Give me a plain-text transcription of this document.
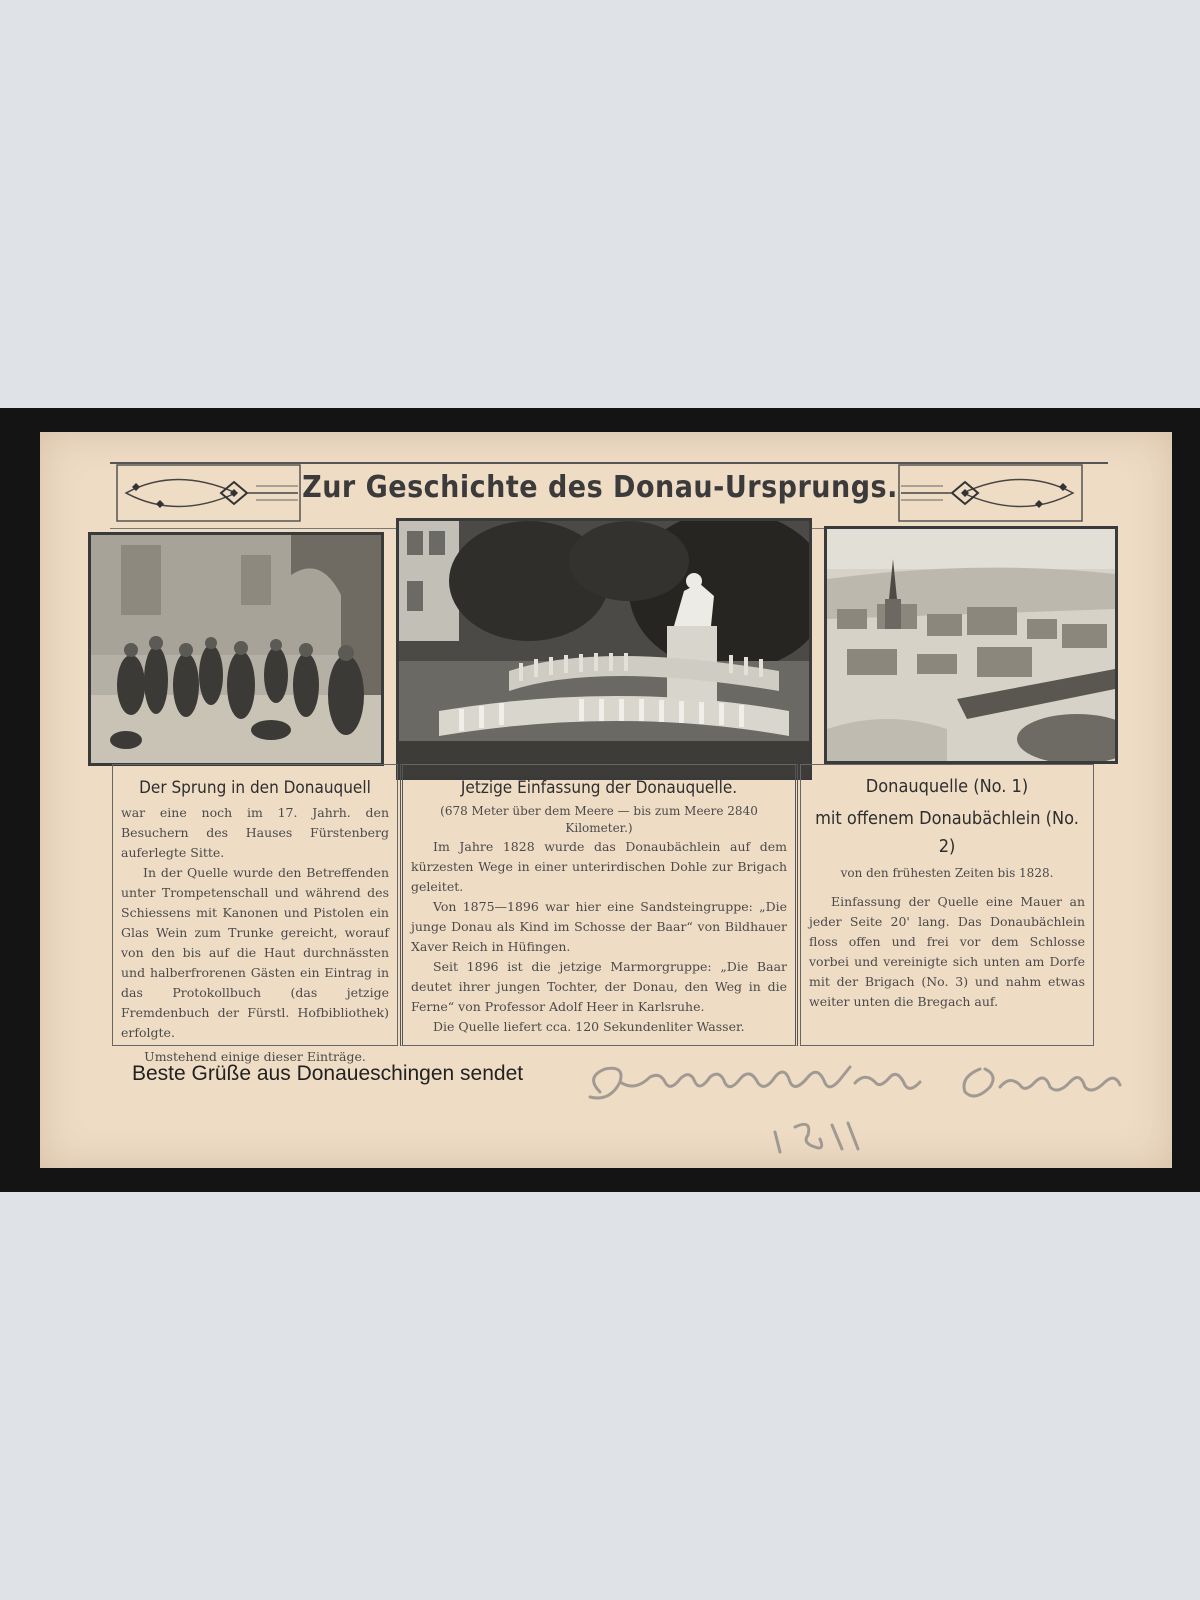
Zur Geschichte des Donau-Ursprungs.
Der Sprung in den Donauquell

war eine noch im 17. Jahrh. den Besuchern des Hauses Fürstenberg auferlegte Sitte.

In der Quelle wurde den Betreffenden unter Trompetenschall und während des Schiessens mit Kanonen und Pistolen ein Glas Wein zum Trunke gereicht, worauf von den bis auf die Haut durchnässten und halberfrorenen Gästen ein Eintrag in das Protokollbuch (das jetzige Fremdenbuch der Fürstl. Hofbibliothek) erfolgte.

Umstehend einige dieser Einträge.

Jetzige Einfassung der Donauquelle.
(678 Meter über dem Meere — bis zum Meere 2840 Kilometer.)

Im Jahre 1828 wurde das Donaubächlein auf dem kürzesten Wege in einer unterirdischen Dohle zur Brigach geleitet.

Von 1875—1896 war hier eine Sandsteingruppe: „Die junge Donau als Kind im Schosse der Baar“ von Bildhauer Xaver Reich in Hüfingen.

Seit 1896 ist die jetzige Marmorgruppe: „Die Baar deutet ihrer jungen Tochter, der Donau, den Weg in die Ferne“ von Professor Adolf Heer in Karlsruhe.

Die Quelle liefert cca. 120 Sekundenliter Wasser.

Donauquelle (No. 1)
mit offenem Donaubächlein (No. 2)
von den frühesten Zeiten bis 1828.

Einfassung der Quelle eine Mauer an jeder Seite 20' lang. Das Donaubächlein floss offen und frei vor dem Schlosse vorbei und vereinigte sich unten am Dorfe mit der Brigach (No. 3) und nahm etwas weiter unten die Bregach auf.

Beste Grüße aus Donaueschingen sendet
